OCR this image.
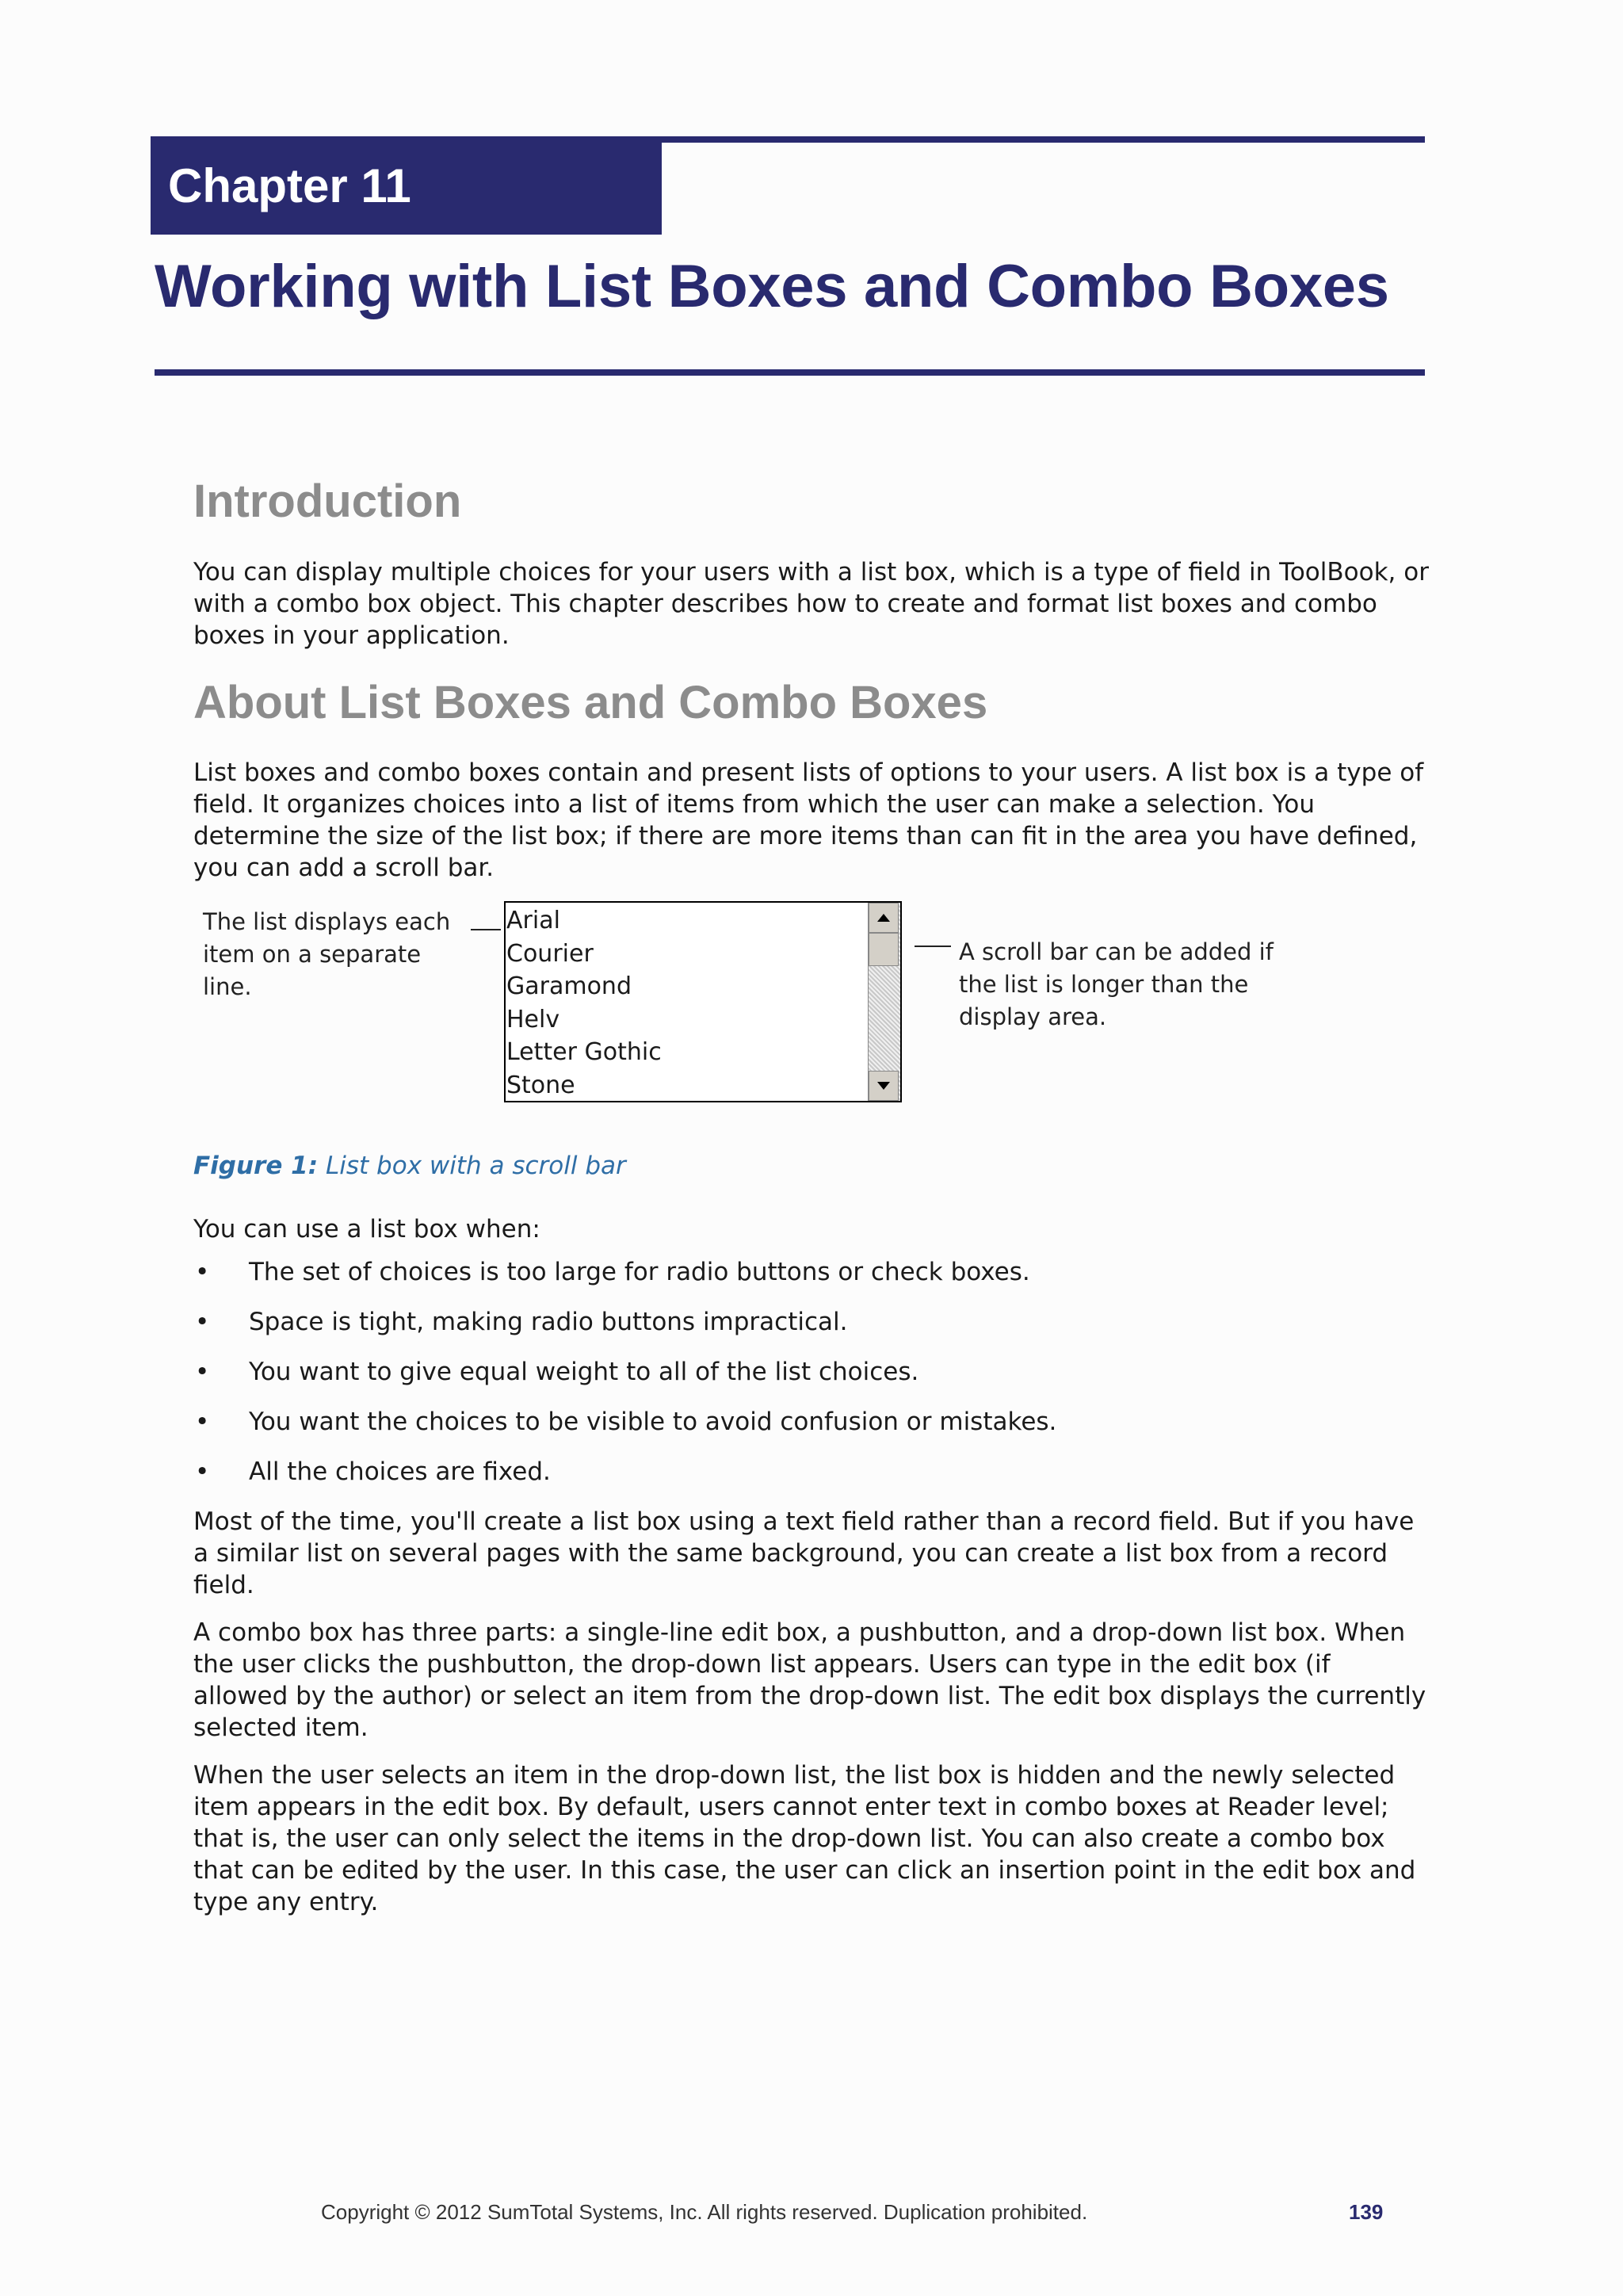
Chapter 11
Working with List Boxes and Combo Boxes
Introduction

You can display multiple choices for your users with a list box, which is a type of field in ToolBook, or with a combo box object. This chapter describes how to create and format list boxes and combo boxes in your application.

About List Boxes and Combo Boxes

List boxes and combo boxes contain and present lists of options to your users. A list box is a type of field. It organizes choices into a list of items from which the user can make a selection. You determine the size of the list box; if there are more items than can fit in the area you have defined, you can add a scroll bar.

The list displays each item on a separate line.
Arial
Courier
Garamond
Helv
Letter Gothic
Stone
A scroll bar can be added if the list is longer than the display area.

Figure 1: List box with a scroll bar

You can use a list box when:

• The set of choices is too large for radio buttons or check boxes.
• Space is tight, making radio buttons impractical.
• You want to give equal weight to all of the list choices.
• You want the choices to be visible to avoid confusion or mistakes.
• All the choices are fixed.

Most of the time, you'll create a list box using a text field rather than a record field. But if you have a similar list on several pages with the same background, you can create a list box from a record field.

A combo box has three parts: a single-line edit box, a pushbutton, and a drop-down list box. When the user clicks the pushbutton, the drop-down list appears. Users can type in the edit box (if allowed by the author) or select an item from the drop-down list. The edit box displays the currently selected item.

When the user selects an item in the drop-down list, the list box is hidden and the newly selected item appears in the edit box. By default, users cannot enter text in combo boxes at Reader level; that is, the user can only select the items in the drop-down list. You can also create a combo box that can be edited by the user. In this case, the user can click an insertion point in the edit box and type any entry.

Copyright © 2012 SumTotal Systems, Inc. All rights reserved. Duplication prohibited.	139
